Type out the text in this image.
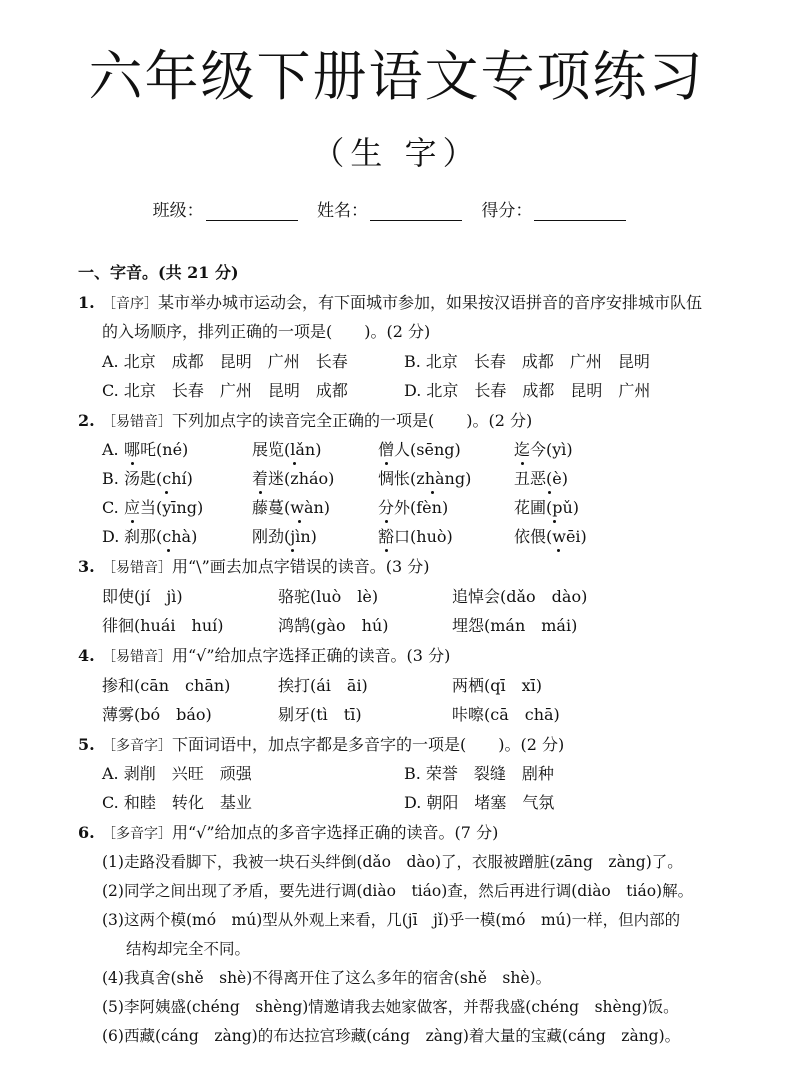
六年级下册语文专项练习
（生 字）
班级：	姓名：	得分：
一、字音。(共 21 分)
1. ［音序］某市举办城市运动会，有下面城市参加，如果按汉语拼音的音序安排城市队伍
的入场顺序，排列正确的一项是(　　)。(2 分)
A. 北京　成都　昆明　广州　长春	B. 北京　长春　成都　广州　昆明
C. 北京　长春　广州　昆明　成都	D. 北京　长春　成都　昆明　广州
2. ［易错音］下列加点字的读音完全正确的一项是(　　)。(2 分)
A. 哪吒(né)	展览(lǎn)	僧人(sēng)	迄今(yì)
B. 汤匙(chí)	着迷(zháo)	惆怅(zhàng)	丑恶(è)
C. 应当(yīng)	藤蔓(wàn)	分外(fèn)	花圃(pǔ)
D. 刹那(chà)	刚劲(jìn)	豁口(huò)	依偎(wēi)
3. ［易错音］用“\”画去加点字错误的读音。(3 分)
即使(jí　jì)	骆驼(luò　lè)	追悼会(dǎo　dào)
徘徊(huái　huí)	鸿鹄(gào　hú)	埋怨(mán　mái)
4. ［易错音］用“√”给加点字选择正确的读音。(3 分)
掺和(cān　chān)	挨打(ái　āi)	两栖(qī　xī)
薄雾(bó　báo)	剔牙(tì　tī)	咔嚓(cā　chā)
5. ［多音字］下面词语中，加点字都是多音字的一项是(　　)。(2 分)
A. 剥削　兴旺　顽强	B. 荣誉　裂缝　剧种
C. 和睦　转化　基业	D. 朝阳　堵塞　气氛
6. ［多音字］用“√”给加点的多音字选择正确的读音。(7 分)
(1)走路没看脚下，我被一块石头绊倒(dǎo　dào)了，衣服被蹭脏(zāng　zàng)了。
(2)同学之间出现了矛盾，要先进行调(diào　tiáo)查，然后再进行调(diào　tiáo)解。
(3)这两个模(mó　mú)型从外观上来看，几(jī　jǐ)乎一模(mó　mú)一样，但内部的
结构却完全不同。
(4)我真舍(shě　shè)不得离开住了这么多年的宿舍(shě　shè)。
(5)李阿姨盛(chéng　shèng)情邀请我去她家做客，并帮我盛(chéng　shèng)饭。
(6)西藏(cáng　zàng)的布达拉宫珍藏(cáng　zàng)着大量的宝藏(cáng　zàng)。
